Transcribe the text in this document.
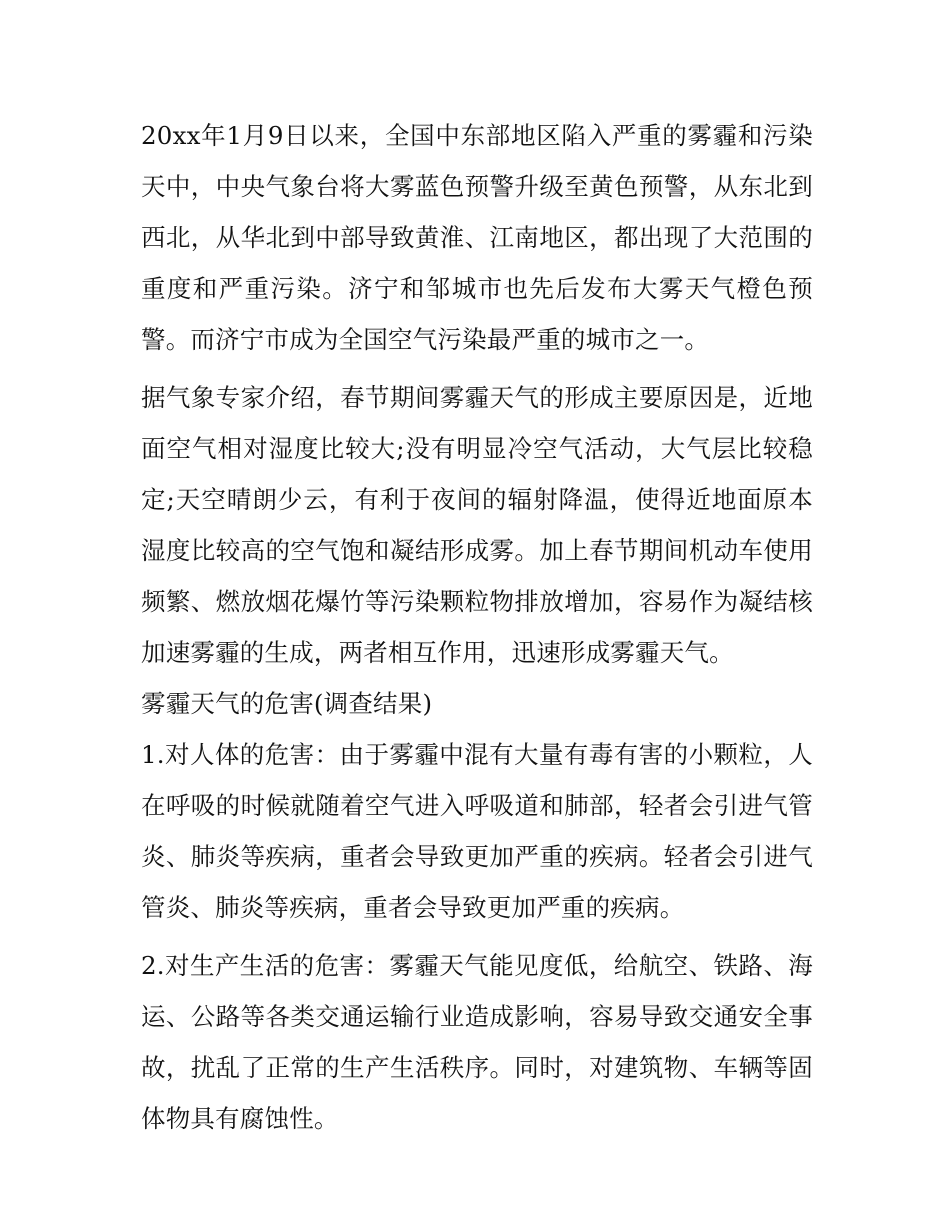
20xx年1月9日以来，全国中东部地区陷入严重的雾霾和污染天中，中央气象台将大雾蓝色预警升级至黄色预警，从东北到西北，从华北到中部导致黄淮、江南地区，都出现了大范围的重度和严重污染。济宁和邹城市也先后发布大雾天气橙色预警。而济宁市成为全国空气污染最严重的城市之一。

据气象专家介绍，春节期间雾霾天气的形成主要原因是，近地面空气相对湿度比较大;没有明显冷空气活动，大气层比较稳定;天空晴朗少云，有利于夜间的辐射降温，使得近地面原本湿度比较高的空气饱和凝结形成雾。加上春节期间机动车使用频繁、燃放烟花爆竹等污染颗粒物排放增加，容易作为凝结核加速雾霾的生成，两者相互作用，迅速形成雾霾天气。

雾霾天气的危害(调查结果)

1.对人体的危害：由于雾霾中混有大量有毒有害的小颗粒，人在呼吸的时候就随着空气进入呼吸道和肺部，轻者会引进气管炎、肺炎等疾病，重者会导致更加严重的疾病。轻者会引进气管炎、肺炎等疾病，重者会导致更加严重的疾病。

2.对生产生活的危害：雾霾天气能见度低，给航空、铁路、海运、公路等各类交通运输行业造成影响，容易导致交通安全事故，扰乱了正常的生产生活秩序。同时，对建筑物、车辆等固体物具有腐蚀性。
